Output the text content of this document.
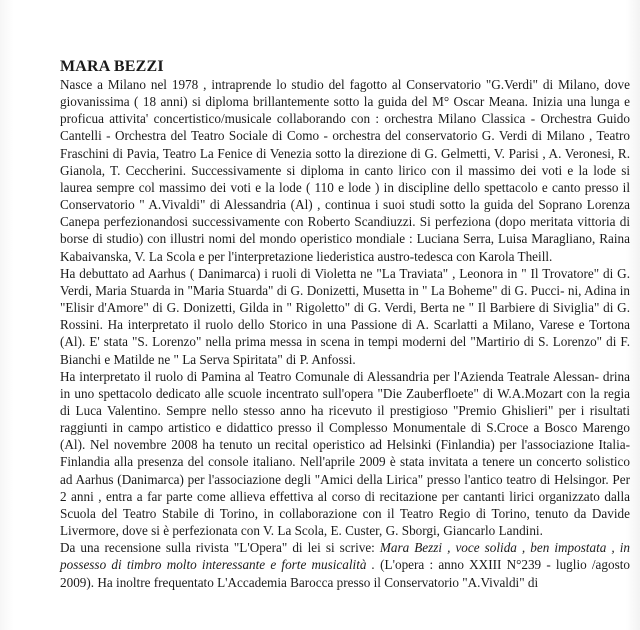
MARA BEZZI

Nasce a Milano nel 1978 , intraprende lo studio del fagotto al Conservatorio "G.Verdi" di Milano, dove giovanissima ( 18 anni) si diploma brillantemente sotto la guida del M° Oscar Meana. Inizia una lunga e proficua attivita' concertistico/musicale collaborando con : orchestra Milano Classica - Orchestra Guido Cantelli - Orchestra del Teatro Sociale di Como - orchestra del conservatorio G. Verdi di Milano , Teatro Fraschini di Pavia, Teatro La Fenice di Venezia sotto la direzione di G. Gelmetti, V. Parisi , A. Veronesi, R. Gianola, T. Ceccherini. Successivamente si diploma in canto lirico con il massimo dei voti e la lode si laurea sempre col massimo dei voti e la lode ( 110 e lode ) in discipline dello spettacolo e canto presso il Conservatorio " A.Vivaldi" di Alessandria (Al) , continua i suoi studi sotto la guida del Soprano Lorenza Canepa perfezionandosi successivamente con Roberto Scandiuzzi. Si perfeziona (dopo meritata vittoria di borse di studio) con illustri nomi del mondo operistico mondiale : Luciana Serra, Luisa Maragliano, Raina Kabaivanska, V. La Scola e per l'interpretazione liederistica austro-tedesca con Karola Theill.

Ha debuttato ad Aarhus ( Danimarca) i ruoli di Violetta ne "La Traviata" , Leonora in " Il Trovatore" di G. Verdi, Maria Stuarda in "Maria Stuarda" di G. Donizetti, Musetta in " La Boheme" di G. Pucci- ni, Adina in "Elisir d'Amore" di G. Donizetti, Gilda in " Rigoletto" di G. Verdi, Berta ne " Il Barbiere di Siviglia" di G. Rossini. Ha interpretato il ruolo dello Storico in una Passione di A. Scarlatti a Milano, Varese e Tortona (Al). E' stata "S. Lorenzo" nella prima messa in scena in tempi moderni del "Martirio di S. Lorenzo" di F. Bianchi e Matilde ne " La Serva Spiritata" di P. Anfossi.

Ha interpretato il ruolo di Pamina al Teatro Comunale di Alessandria per l'Azienda Teatrale Alessan- drina in uno spettacolo dedicato alle scuole incentrato sull'opera "Die Zauberfloete" di W.A.Mozart con la regia di Luca Valentino. Sempre nello stesso anno ha ricevuto il prestigioso "Premio Ghislieri" per i risultati raggiunti in campo artistico e didattico presso il Complesso Monumentale di S.Croce a Bosco Marengo (Al). Nel novembre 2008 ha tenuto un recital operistico ad Helsinki (Finlandia) per l'associazione Italia-Finlandia alla presenza del console italiano. Nell'aprile 2009 è stata invitata a tenere un concerto solistico ad Aarhus (Danimarca) per l'associazione degli "Amici della Lirica" presso l'antico teatro di Helsingor. Per 2 anni , entra a far parte come allieva effettiva al corso di recitazione per cantanti lirici organizzato dalla Scuola del Teatro Stabile di Torino, in collaborazione con il Teatro Regio di Torino, tenuto da Davide Livermore, dove si è perfezionata con V. La Scola, E. Custer, G. Sborgi, Giancarlo Landini.

Da una recensione sulla rivista "L'Opera" di lei si scrive: Mara Bezzi , voce solida , ben impostata , in possesso di timbro molto interessante e forte musicalità . (L'opera : anno XXIII N°239 - luglio /agosto 2009). Ha inoltre frequentato L'Accademia Barocca presso il Conservatorio "A.Vivaldi" di
